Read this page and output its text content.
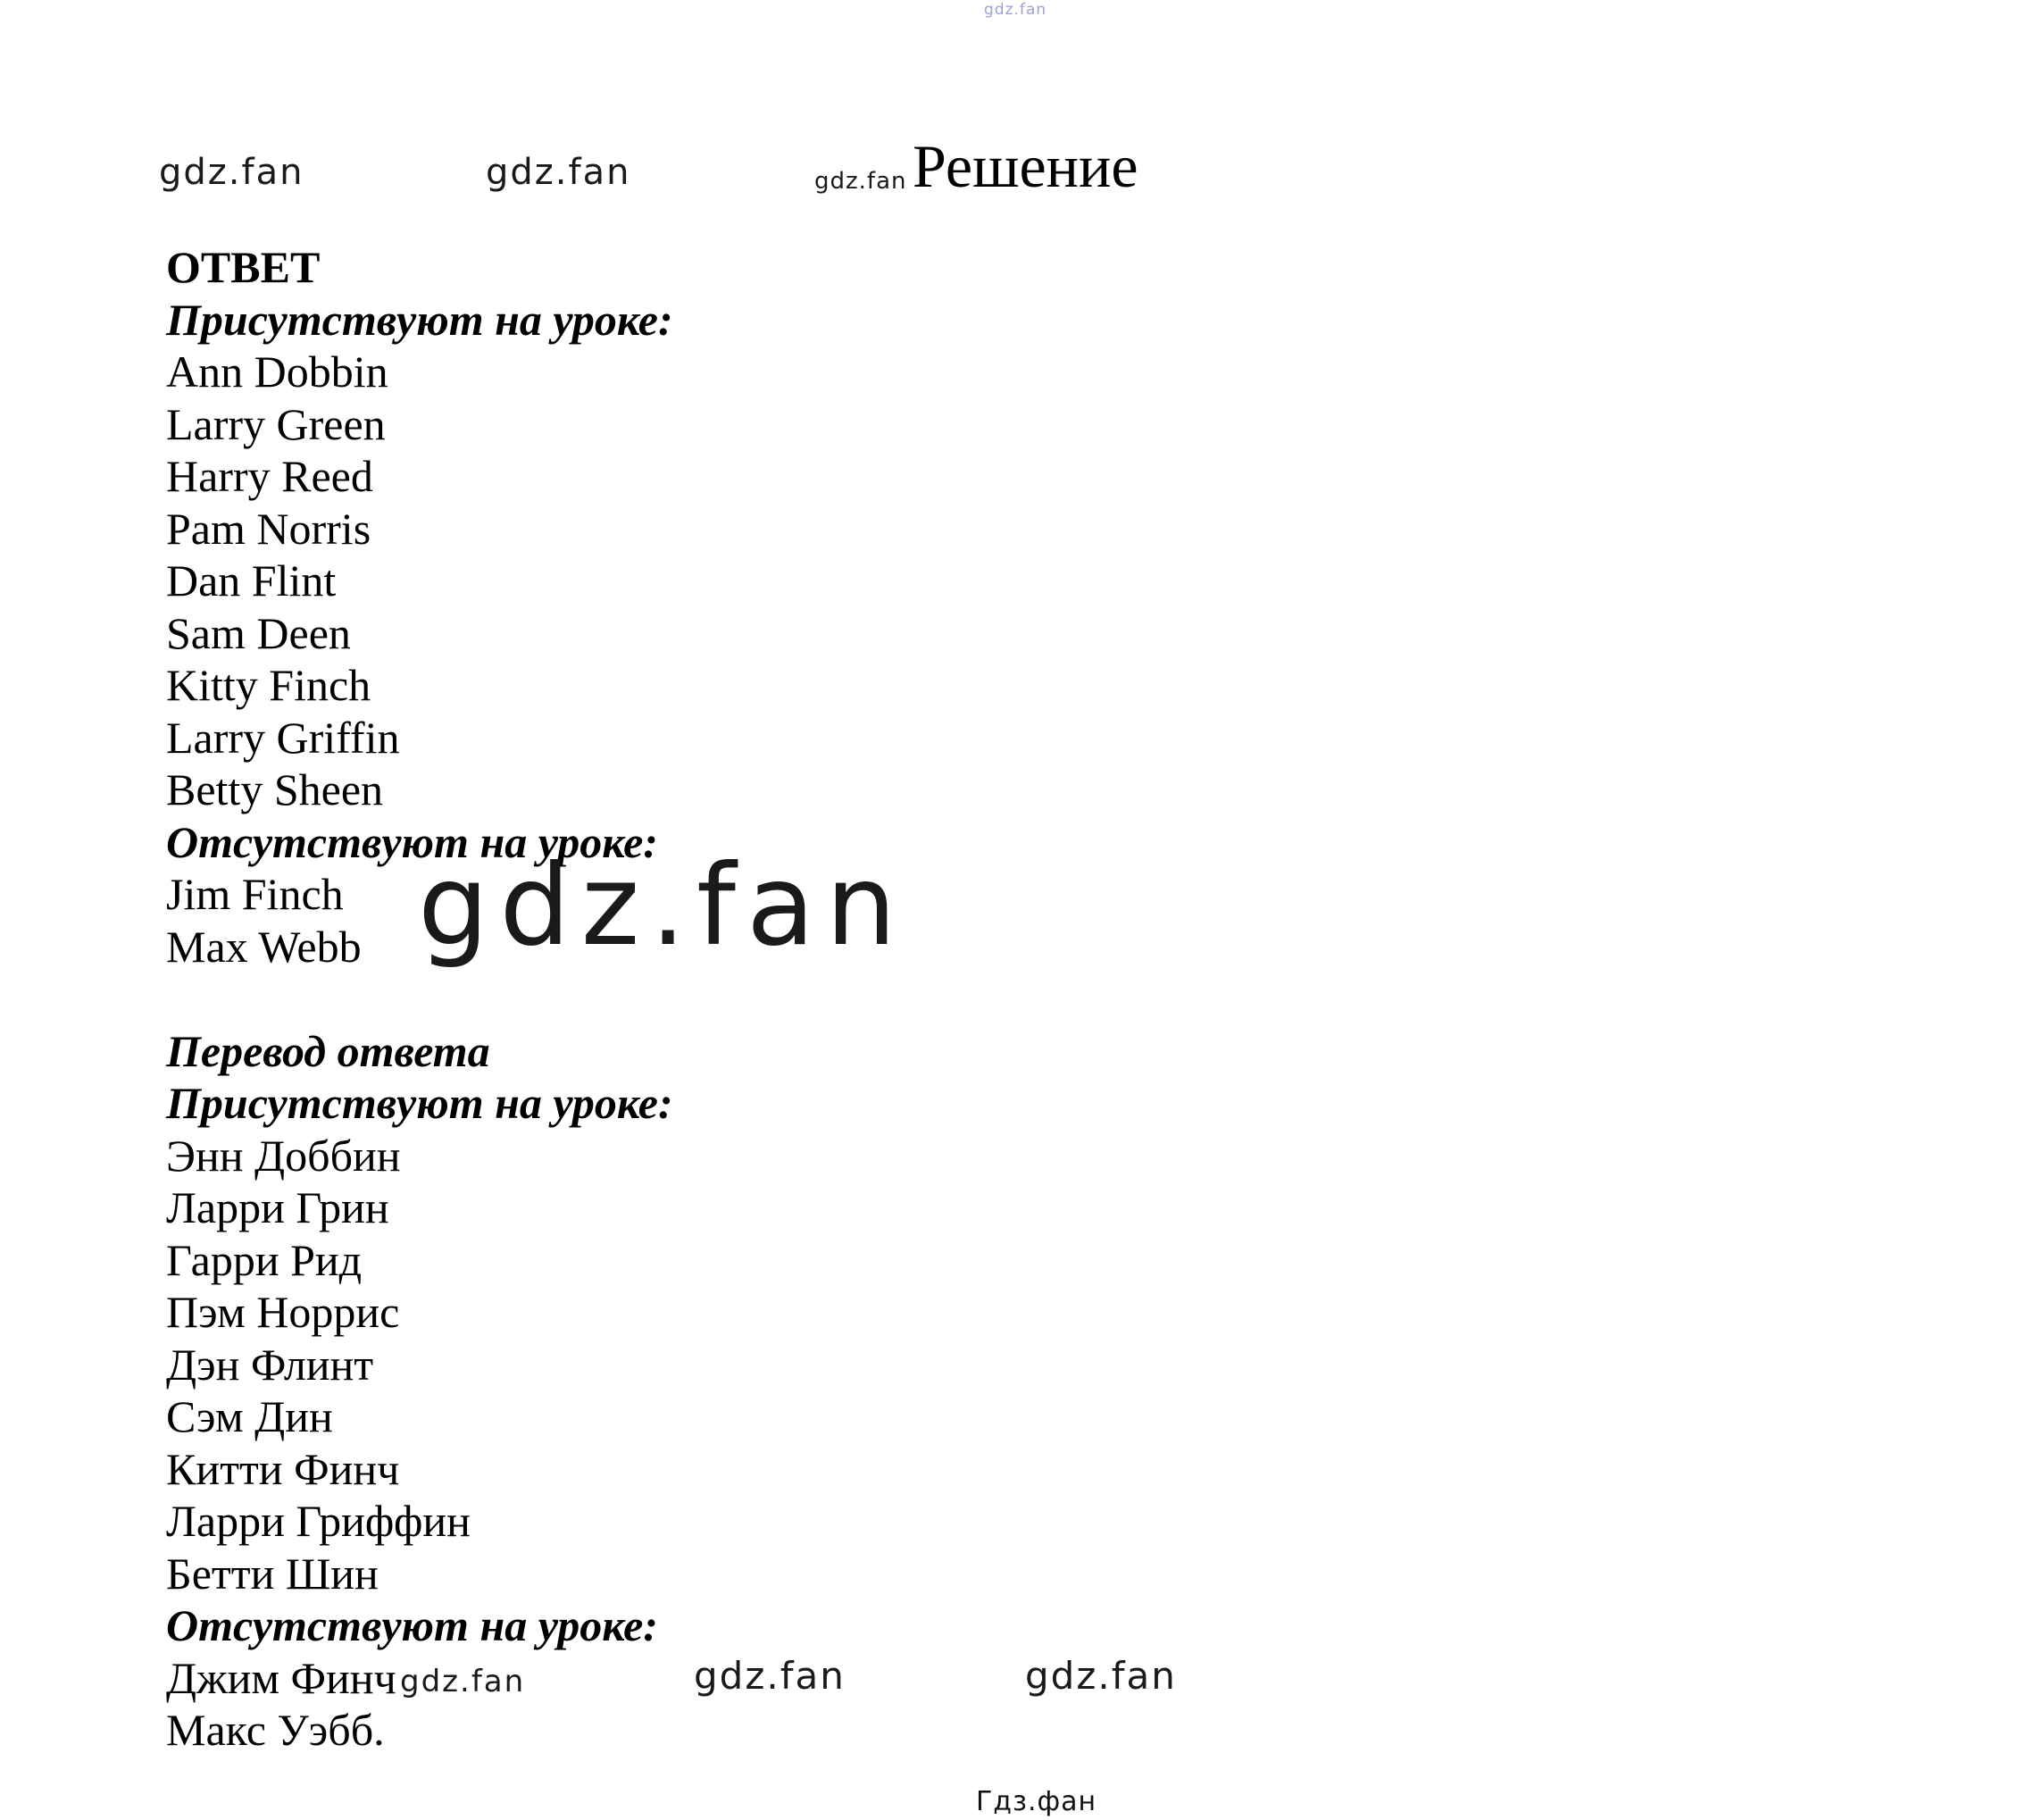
gdz.fan
gdz.fan	gdz.fan	gdz.fan Решение
ОТВЕТ
Присутствуют на уроке:
Ann Dobbin
Larry Green
Harry Reed
Pam Norris
Dan Flint
Sam Deen
Kitty Finch
Larry Griffin
Betty Sheen
Отсутствуют на уроке:
Jim Finch
Max Webb
Перевод ответа
Присутствуют на уроке:
Энн Доббин
Ларри Грин
Гарри Рид
Пэм Норрис
Дэн Флинт
Сэм Дин
Китти Финч
Ларри Гриффин
Бетти Шин
Отсутствуют на уроке:
Джим Финч
Макс Уэбб.
gdz.fan
gdz.fan	gdz.fan	gdz.fan
Гдз.фан
